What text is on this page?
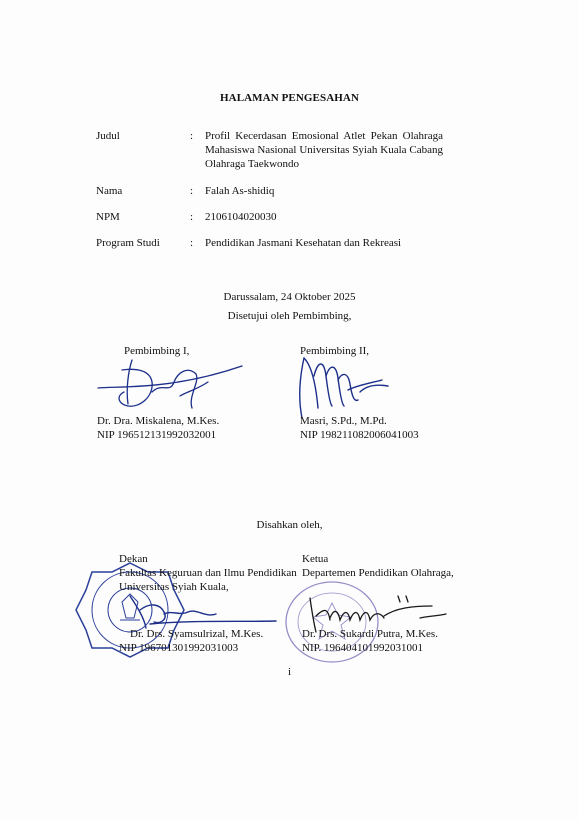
HALAMAN PENGESAHAN
Judul	: Profil Kecerdasan Emosional Atlet Pekan Olahraga
Mahasiswa Nasional Universitas Syiah Kuala Cabang
Olahraga Taekwondo
Nama	: Falah As-shidiq
NPM	: 2106104020030
Program Studi	: Pendidikan Jasmani Kesehatan dan Rekreasi
Darussalam, 24 Oktober 2025
Disetujui oleh Pembimbing,
Pembimbing I,
Dr. Dra. Miskalena, M.Kes.
NIP 196512131992032001
Pembimbing II,
Masri, S.Pd., M.Pd.
NIP 198211082006041003
Disahkan oleh,
Dekan
Fakultas Keguruan dan Ilmu Pendidikan
Universitas Syiah Kuala,
Dr. Drs. Syamsulrizal, M.Kes.
NIP 196701301992031003
Ketua
Departemen Pendidikan Olahraga,
Dr. Drs. Sukardi Putra, M.Kes.
NIP. 196404101992031001
i
